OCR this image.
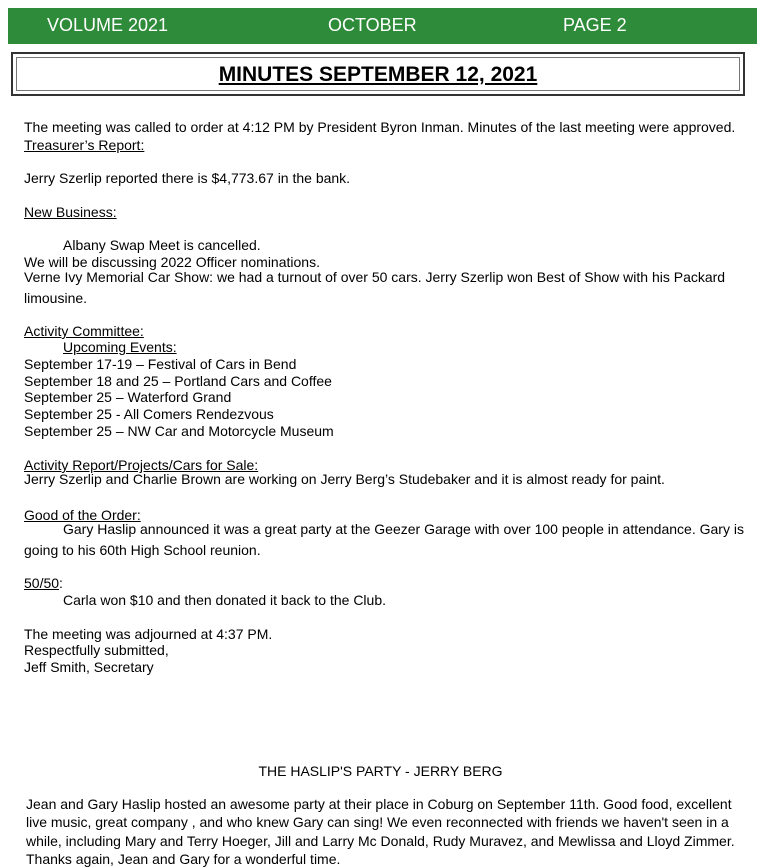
VOLUME 2021	OCTOBER	PAGE 2
MINUTES SEPTEMBER 12, 2021
The meeting was called to order at 4:12 PM by President Byron Inman. Minutes of the last meeting were approved.
Treasurer’s Report:
Jerry Szerlip reported there is $4,773.67 in the bank.
New Business:
Albany Swap Meet is cancelled.
We will be discussing 2022 Officer nominations.
Verne Ivy Memorial Car Show: we had a turnout of over 50 cars. Jerry Szerlip won Best of Show with his Packard
limousine.
Activity Committee:
Upcoming Events:
September 17-19 – Festival of Cars in Bend
September 18 and 25 – Portland Cars and Coffee
September 25 – Waterford Grand
September 25 - All Comers Rendezvous
September 25 – NW Car and Motorcycle Museum
Activity Report/Projects/Cars for Sale:
Jerry Szerlip and Charlie Brown are working on Jerry Berg’s Studebaker and it is almost ready for paint.
Good of the Order:
Gary Haslip announced it was a great party at the Geezer Garage with over 100 people in attendance. Gary is
going to his 60th High School reunion.
50/50:
Carla won $10 and then donated it back to the Club.
The meeting was adjourned at 4:37 PM.
Respectfully submitted,
Jeff Smith, Secretary
THE HASLIP'S PARTY - JERRY BERG
Jean and Gary Haslip hosted an awesome party at their place in Coburg on September 11th. Good food, excellent
live music, great company , and who knew Gary can sing! We even reconnected with friends we haven't seen in a
while, including Mary and Terry Hoeger, Jill and Larry Mc Donald, Rudy Muravez, and Mewlissa and Lloyd Zimmer.
Thanks again, Jean and Gary for a wonderful time.
